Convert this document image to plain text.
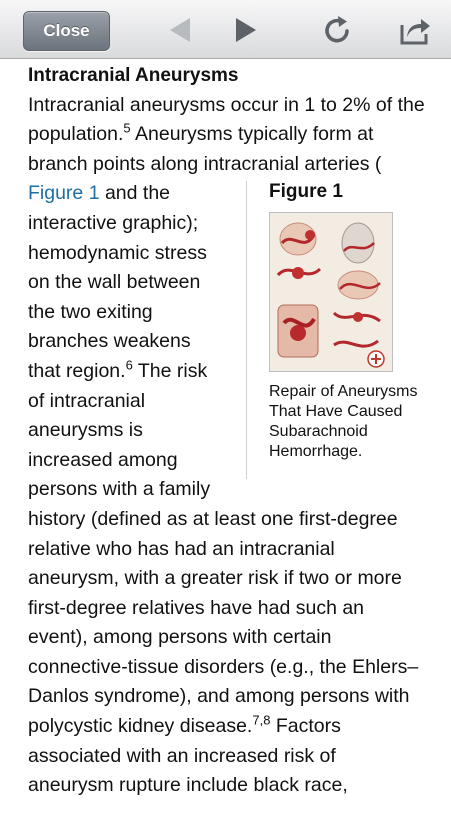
Close
Intracranial Aneurysms

Intracranial aneurysms occur in 1 to 2% of the population.$^5$ Aneurysms typically form at branch points along intracranial arteries (

Figure 1
Repair of Aneurysms That Have Caused Subarachnoid Hemorrhage.
Figure 1 and the interactive graphic); hemodynamic stress on the wall between the two exiting branches weakens that region.$^6$ The risk of intracranial aneurysms is increased among persons with a family history (defined as at least one first-degree relative who has had an intracranial aneurysm, with a greater risk if two or more first-degree relatives have had such an event), among persons with certain connective-tissue disorders (e.g., the Ehlers–Danlos syndrome), and among persons with polycystic kidney disease.$^{7,8}$ Factors associated with an increased risk of aneurysm rupture include black race,
